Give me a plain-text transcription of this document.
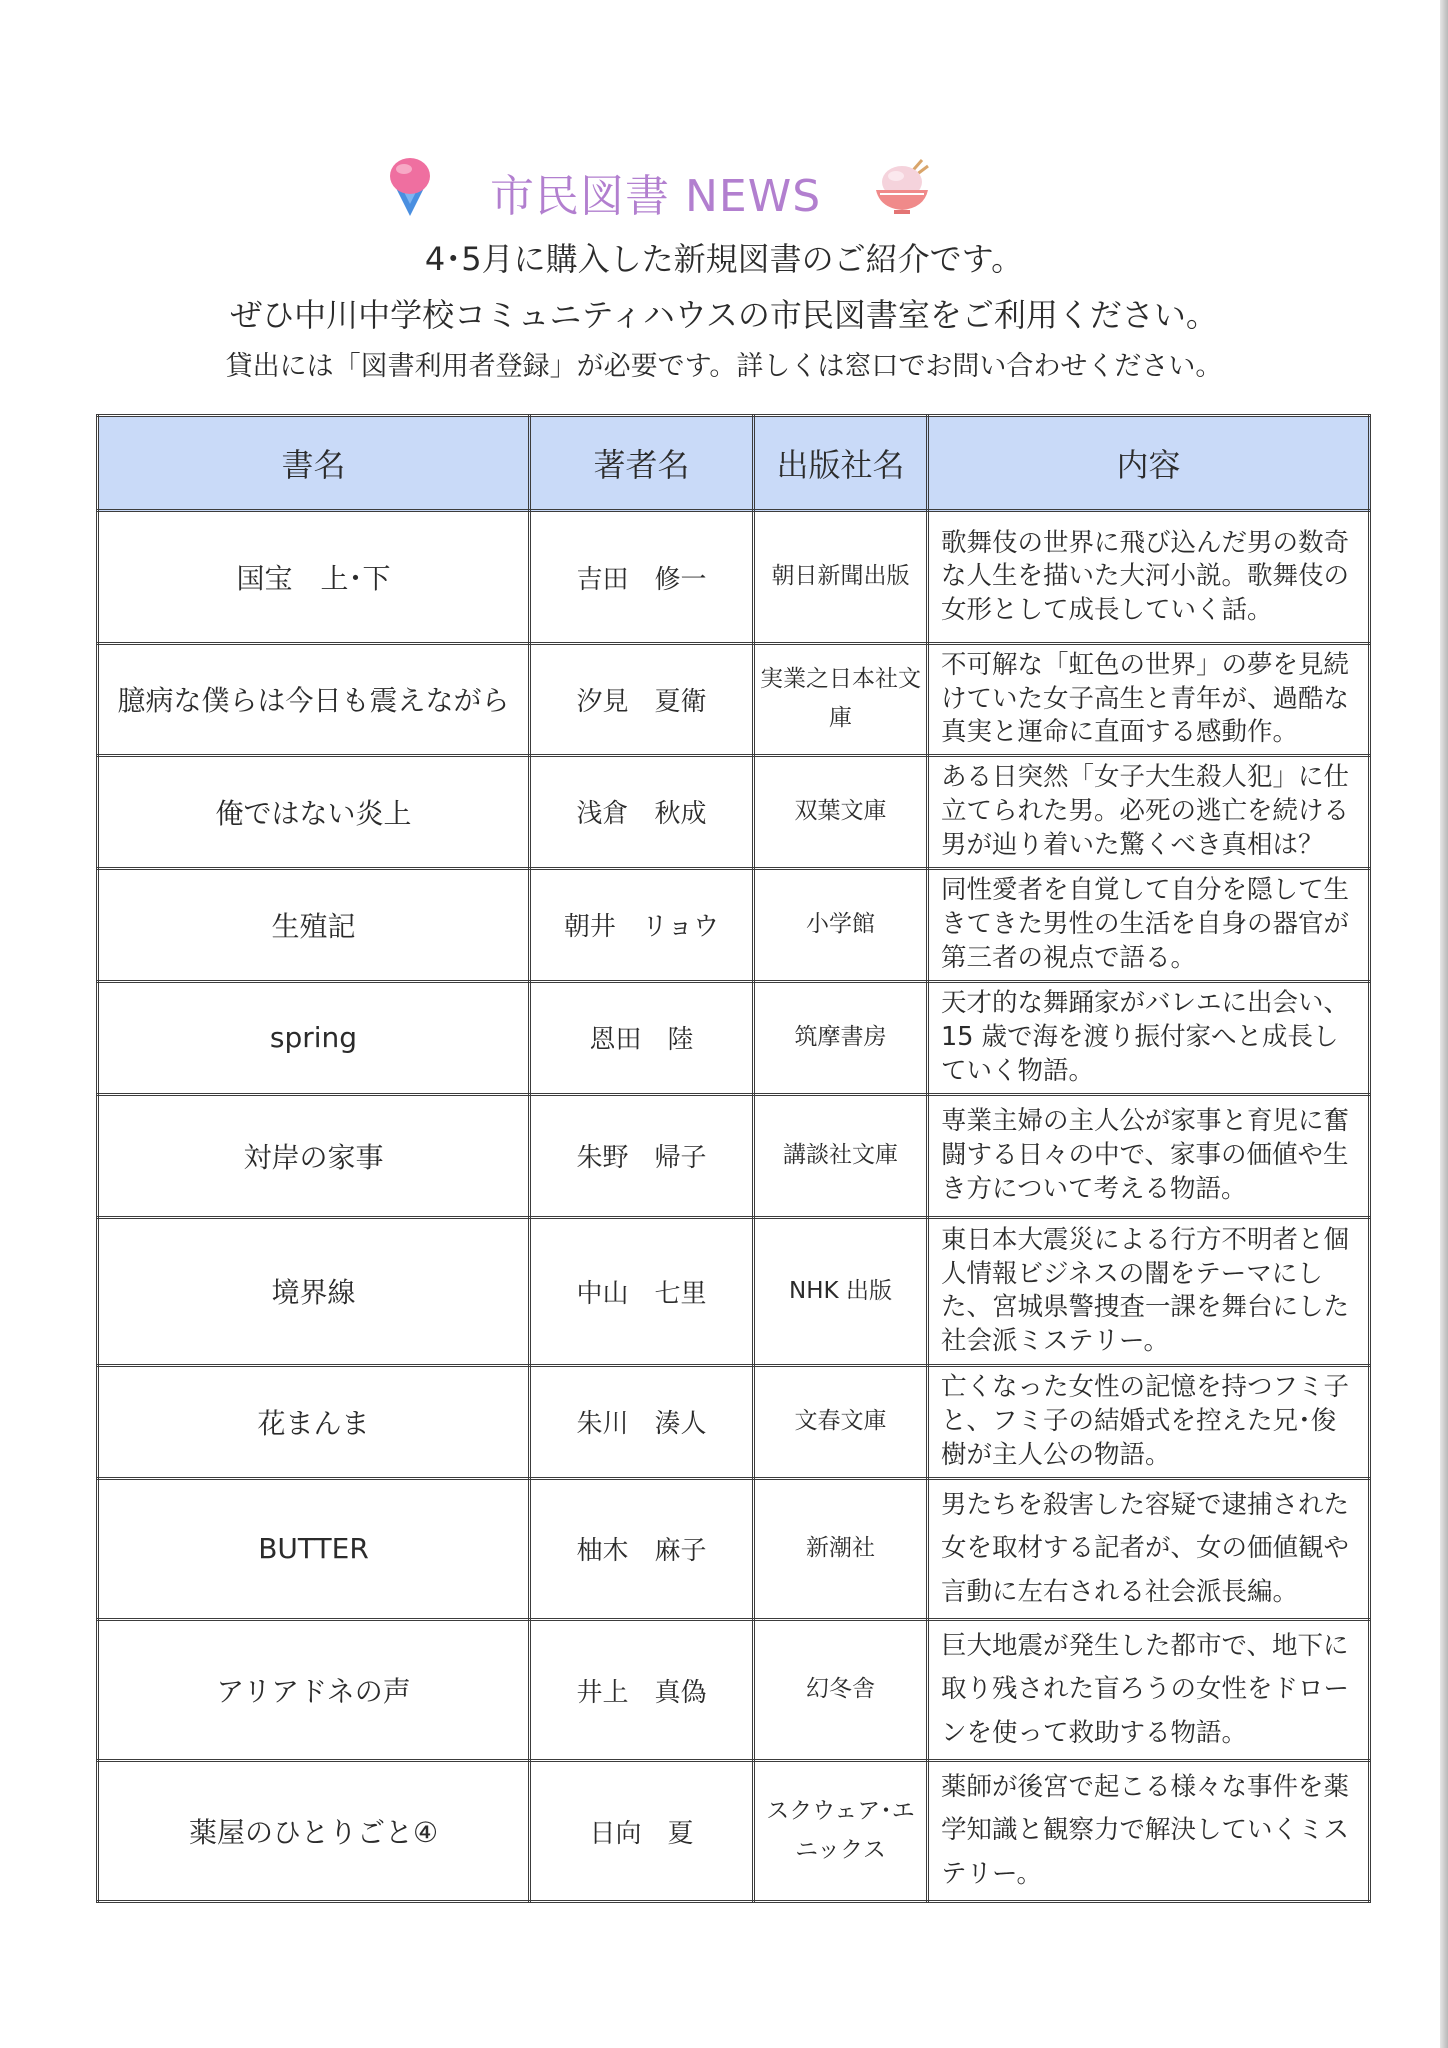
市民図書 NEWS
4･5月に購入した新規図書のご紹介です。
ぜひ中川中学校コミュニティハウスの市民図書室をご利用ください。
貸出には「図書利用者登録」が必要です。詳しくは窓口でお問い合わせください。
書名	著者名	出版社名	内容
国宝　上･下	吉田　修一	朝日新聞出版	歌舞伎の世界に飛び込んだ男の数奇な人生を描いた大河小説。歌舞伎の女形として成長していく話。
臆病な僕らは今日も震えながら	汐見　夏衛	実業之日本社文庫	不可解な「虹色の世界」の夢を見続けていた女子高生と青年が、過酷な真実と運命に直面する感動作。
俺ではない炎上	浅倉　秋成	双葉文庫	ある日突然「女子大生殺人犯」に仕立てられた男。必死の逃亡を続ける男が辿り着いた驚くべき真相は？
生殖記	朝井　リョウ	小学館	同性愛者を自覚して自分を隠して生きてきた男性の生活を自身の器官が第三者の視点で語る。
spring	恩田　陸	筑摩書房	天才的な舞踊家がバレエに出会い、15 歳で海を渡り振付家へと成長していく物語。
対岸の家事	朱野　帰子	講談社文庫	専業主婦の主人公が家事と育児に奮闘する日々の中で、家事の価値や生き方について考える物語。
境界線	中山　七里	NHK 出版	東日本大震災による行方不明者と個人情報ビジネスの闇をテーマにした、宮城県警捜査一課を舞台にした社会派ミステリー。
花まんま	朱川　湊人	文春文庫	亡くなった女性の記憶を持つフミ子と、フミ子の結婚式を控えた兄･俊樹が主人公の物語。
BUTTER	柚木　麻子	新潮社	男たちを殺害した容疑で逮捕された女を取材する記者が、女の価値観や言動に左右される社会派長編。
アリアドネの声	井上　真偽	幻冬舎	巨大地震が発生した都市で、地下に取り残された盲ろうの女性をドローンを使って救助する物語。
薬屋のひとりごと④	日向　夏	スクウェア･エニックス	薬師が後宮で起こる様々な事件を薬学知識と観察力で解決していくミステリー。
